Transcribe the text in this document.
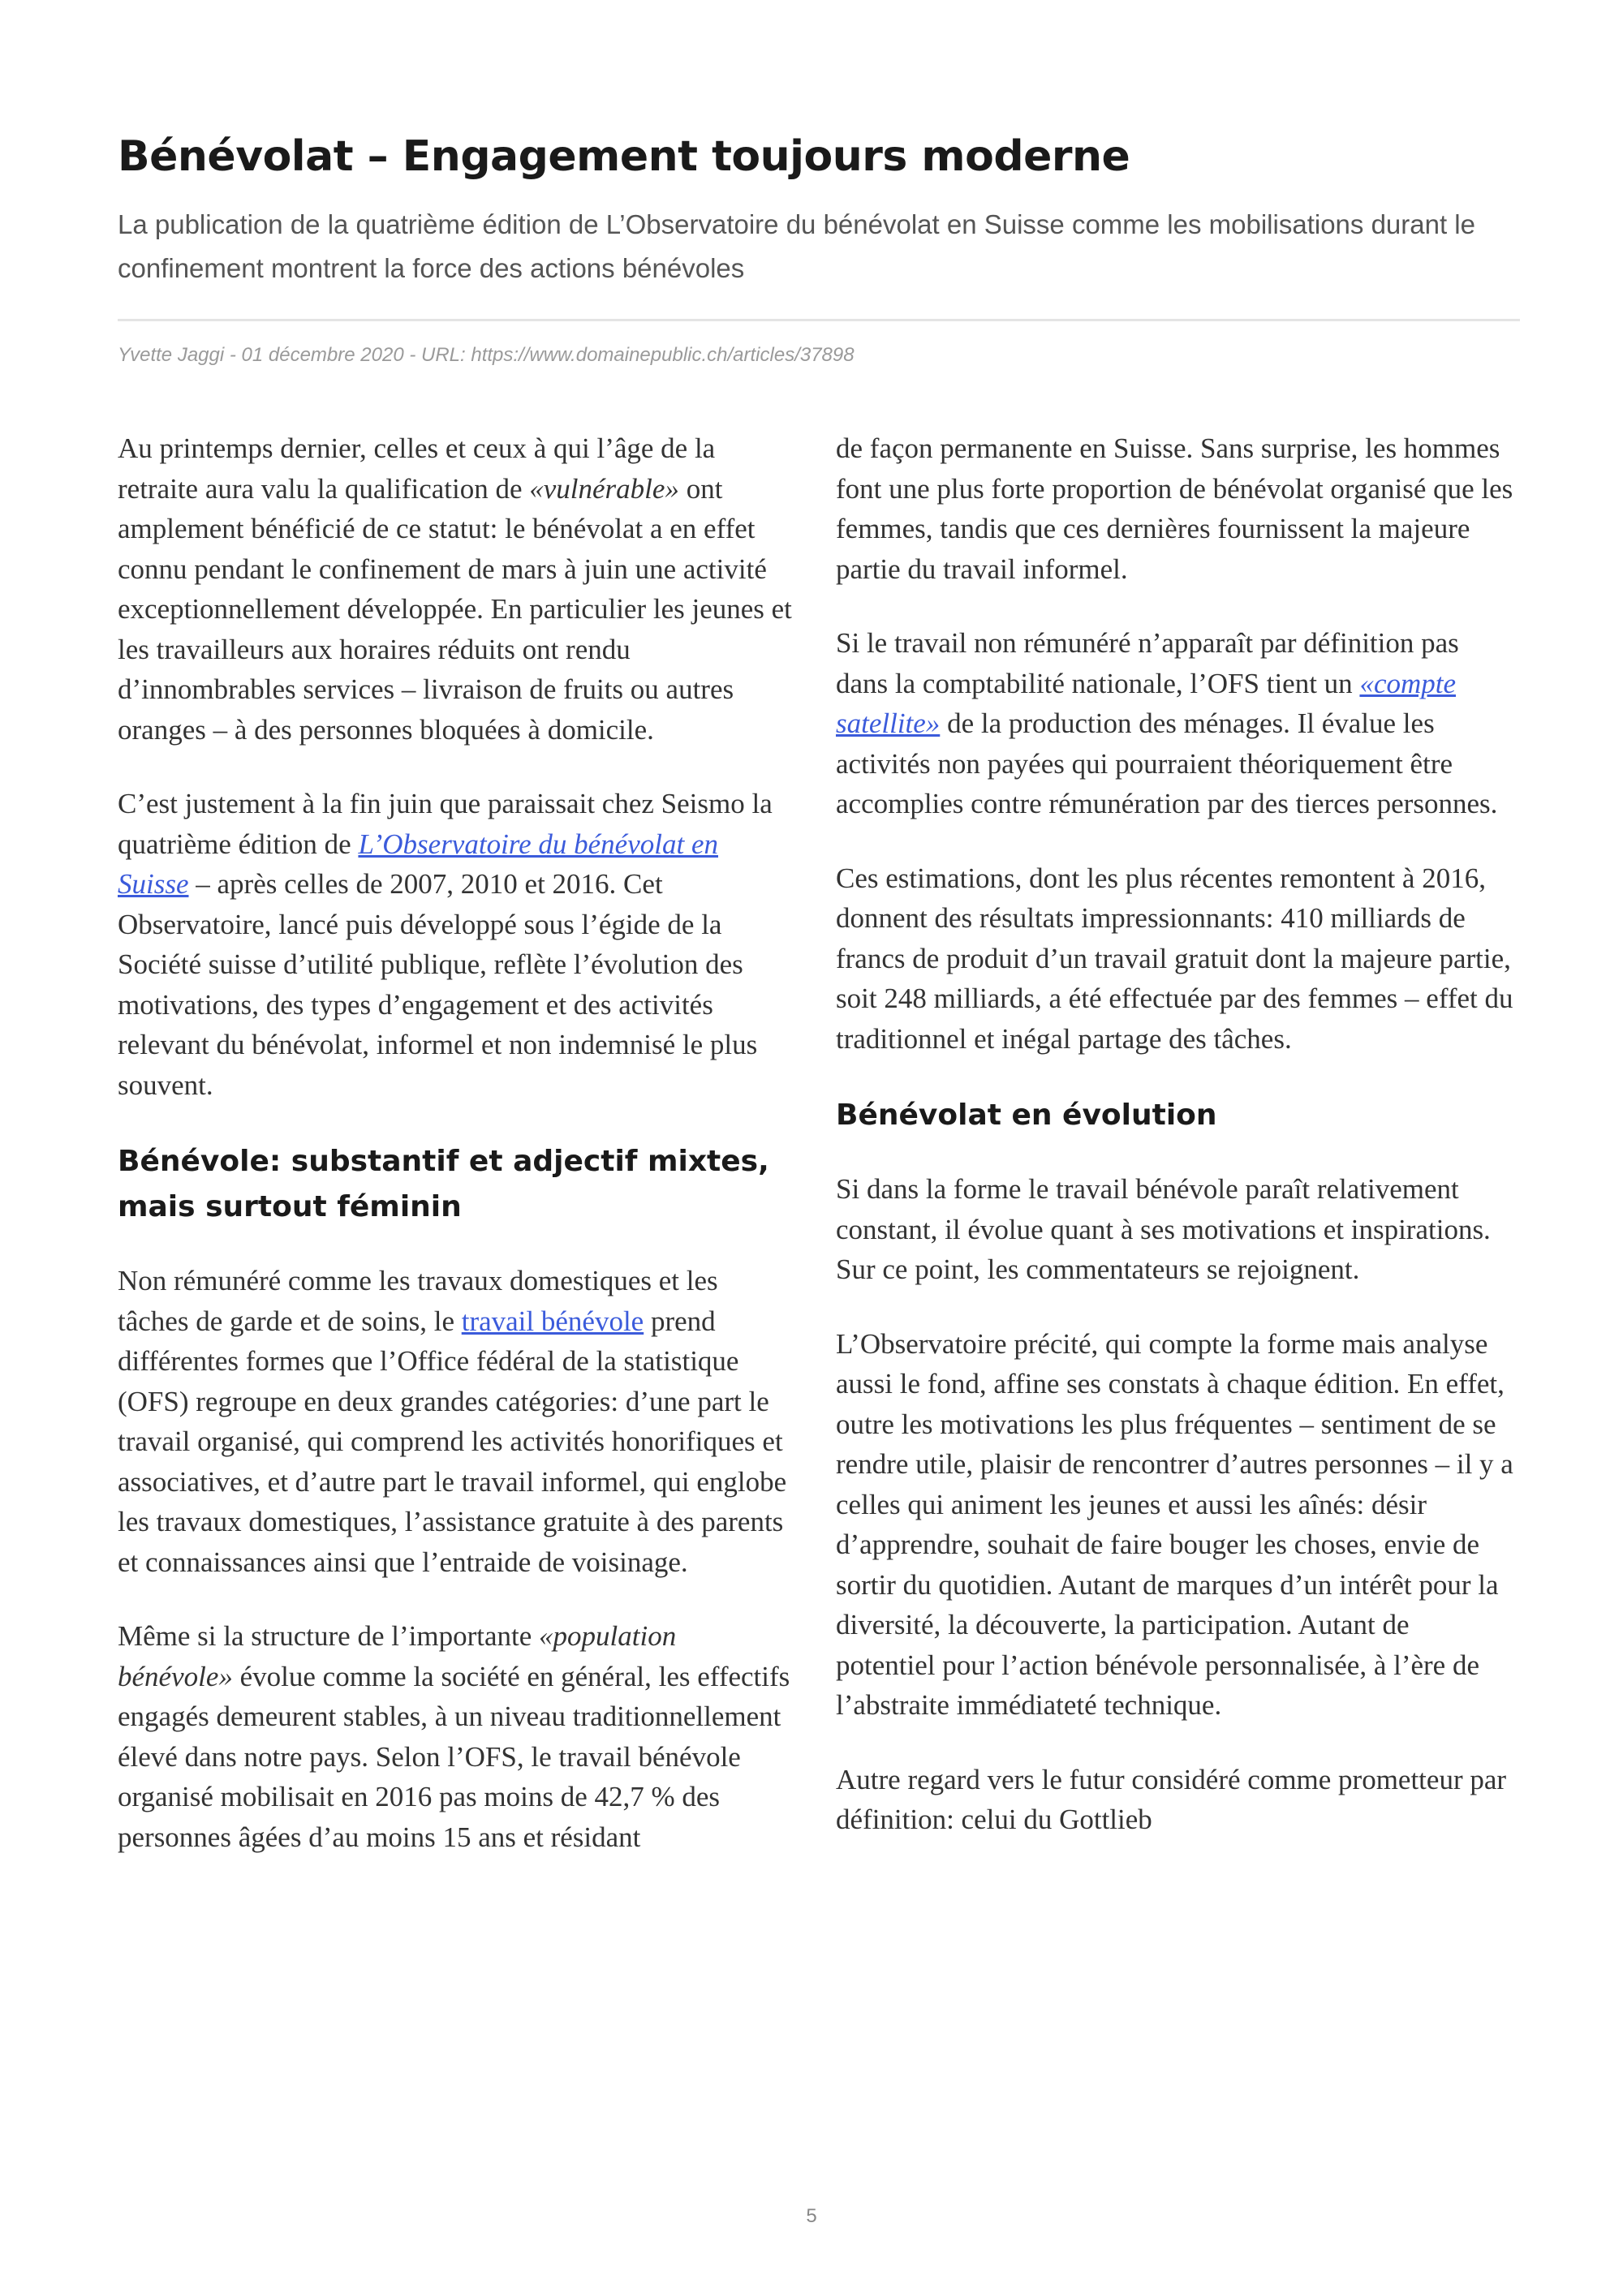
Bénévolat – Engagement toujours moderne

La publication de la quatrième édition de L’Observatoire du bénévolat en Suisse comme les mobilisations durant le confinement montrent la force des actions bénévoles

Yvette Jaggi - 01 décembre 2020 - URL: https://www.domainepublic.ch/articles/37898

Au printemps dernier, celles et ceux à qui l’âge de la retraite aura valu la qualification de «vulnérable» ont amplement bénéficié de ce statut: le bénévolat a en effet connu pendant le confinement de mars à juin une activité exceptionnellement développée. En particulier les jeunes et les travailleurs aux horaires réduits ont rendu d’innombrables services – livraison de fruits ou autres oranges – à des personnes bloquées à domicile.

C’est justement à la fin juin que paraissait chez Seismo la quatrième édition de L’Observatoire du bénévolat en Suisse – après celles de 2007, 2010 et 2016. Cet Observatoire, lancé puis développé sous l’égide de la Société suisse d’utilité publique, reflète l’évolution des motivations, des types d’engagement et des activités relevant du bénévolat, informel et non indemnisé le plus souvent.

Bénévole: substantif et adjectif mixtes, mais surtout féminin

Non rémunéré comme les travaux domestiques et les tâches de garde et de soins, le travail bénévole prend différentes formes que l’Office fédéral de la statistique (OFS) regroupe en deux grandes catégories: d’une part le travail organisé, qui comprend les activités honorifiques et associatives, et d’autre part le travail informel, qui englobe les travaux domestiques, l’assistance gratuite à des parents et connaissances ainsi que l’entraide de voisinage.

Même si la structure de l’importante «population bénévole» évolue comme la société en général, les effectifs engagés demeurent stables, à un niveau traditionnellement élevé dans notre pays. Selon l’OFS, le travail bénévole organisé mobilisait en 2016 pas moins de 42,7 % des personnes âgées d’au moins 15 ans et résidant

de façon permanente en Suisse. Sans surprise, les hommes font une plus forte proportion de bénévolat organisé que les femmes, tandis que ces dernières fournissent la majeure partie du travail informel.

Si le travail non rémunéré n’apparaît par définition pas dans la comptabilité nationale, l’OFS tient un «compte satellite» de la production des ménages. Il évalue les activités non payées qui pourraient théoriquement être accomplies contre rémunération par des tierces personnes.

Ces estimations, dont les plus récentes remontent à 2016, donnent des résultats impressionnants: 410 milliards de francs de produit d’un travail gratuit dont la majeure partie, soit 248 milliards, a été effectuée par des femmes – effet du traditionnel et inégal partage des tâches.

Bénévolat en évolution

Si dans la forme le travail bénévole paraît relativement constant, il évolue quant à ses motivations et inspirations. Sur ce point, les commentateurs se rejoignent.

L’Observatoire précité, qui compte la forme mais analyse aussi le fond, affine ses constats à chaque édition. En effet, outre les motivations les plus fréquentes – sentiment de se rendre utile, plaisir de rencontrer d’autres personnes – il y a celles qui animent les jeunes et aussi les aînés: désir d’apprendre, souhait de faire bouger les choses, envie de sortir du quotidien. Autant de marques d’un intérêt pour la diversité, la découverte, la participation. Autant de potentiel pour l’action bénévole personnalisée, à l’ère de l’abstraite immédiateté technique.

Autre regard vers le futur considéré comme prometteur par définition: celui du Gottlieb

5
